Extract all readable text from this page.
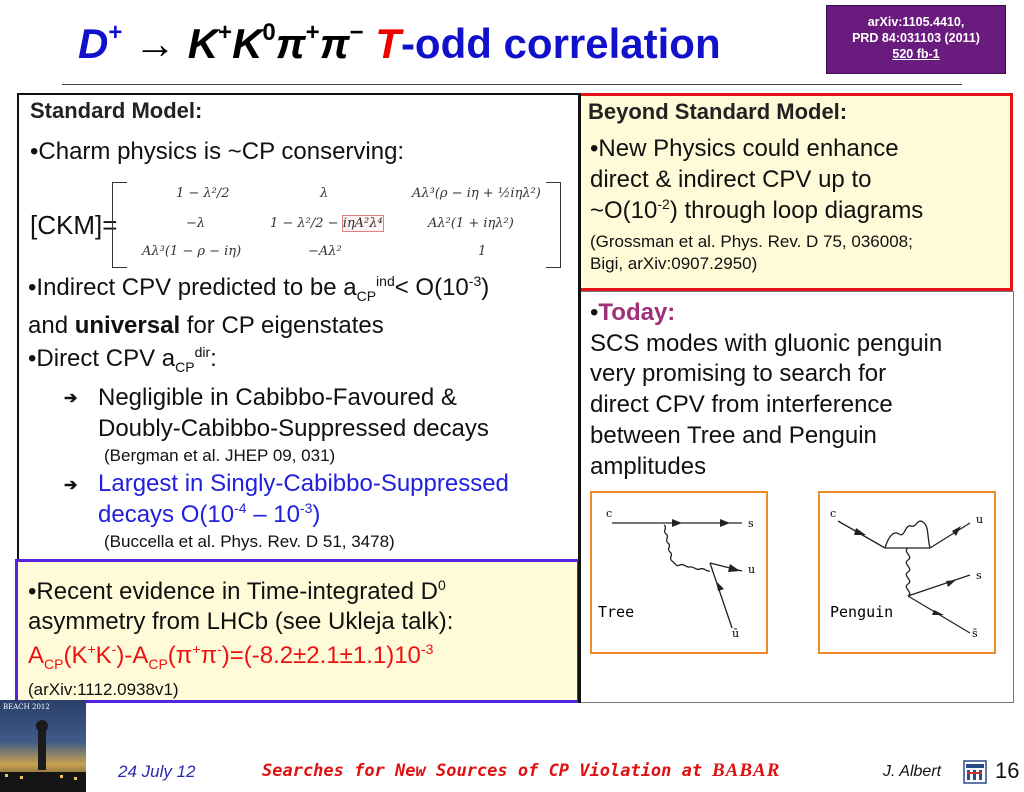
$D^+ \to K^+K^0\pi^+\pi^-$ T-odd correlation	arXiv:1105.4410,
PRD 84:031103 (2011)
520 fb-1
Standard Model:
•Charm physics is ~CP conserving:
[CKM]=
1 − λ²/2	λ	Aλ³(ρ − iη + ½iηλ²)
−λ	1 − λ²/2 − iηA²λ⁴	Aλ²(1 + iηλ²)
Aλ³(1 − ρ − iη)	−Aλ²	1
•Indirect CPV predicted to be $a_{CP}^{ind}< O(10^{-3})$
and universal for CP eigenstates
•Direct CPV $a_{CP}^{dir}$:
➔ Negligible in Cabibbo-Favoured &
Doubly-Cabibbo-Suppressed decays
(Bergman et al. JHEP 09, 031)
➔ Largest in Singly-Cabibbo-Suppressed
decays $O(10^{-4} - 10^{-3})$
(Buccella et al. Phys. Rev. D 51, 3478)
•Recent evidence in Time-integrated $D^0$
asymmetry from LHCb (see Ukleja talk):
$A_{CP}(K^+K^-)-A_{CP}(\pi^+\pi^-)=(-8.2\pm 2.1\pm 1.1)10^{-3}$
(arXiv:1112.0938v1)
Beyond Standard Model:
•New Physics could enhance
direct & indirect CPV up to
$\sim O(10^{-2})$ through loop diagrams
(Grossman et al. Phys. Rev. D 75, 036008;
Bigi, arXiv:0907.2950)
•Today:
SCS modes with gluonic penguin
very promising to search for
direct CPV from interference
between Tree and Penguin
amplitudes
c
s
u
ū
Tree
c	u
s
s̄
Penguin
BEACH 2012
24 July 12	Searches for New Sources of CP Violation at BABAR	J. Albert 16
